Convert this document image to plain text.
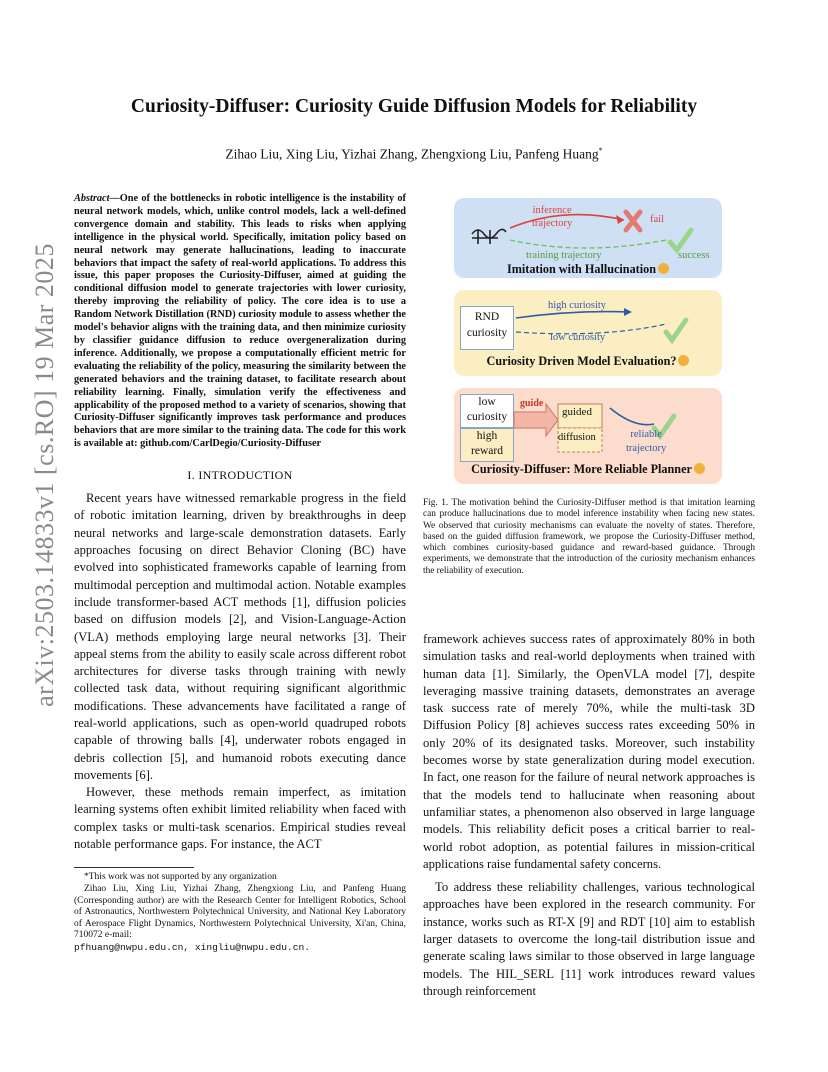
arXiv:2503.14833v1 [cs.RO] 19 Mar 2025
Curiosity-Diffuser: Curiosity Guide Diffusion Models for Reliability
Zihao Liu, Xing Liu, Yizhai Zhang, Zhengxiong Liu, Panfeng Huang*
Abstract—One of the bottlenecks in robotic intelligence is the instability of neural network models, which, unlike control models, lack a well-defined convergence domain and stability. This leads to risks when applying intelligence in the physical world. Specifically, imitation policy based on neural network may generate hallucinations, leading to inaccurate behaviors that impact the safety of real-world applications. To address this issue, this paper proposes the Curiosity-Diffuser, aimed at guiding the conditional diffusion model to generate trajectories with lower curiosity, thereby improving the reliability of policy. The core idea is to use a Random Network Distillation (RND) curiosity module to assess whether the model's behavior aligns with the training data, and then minimize curiosity by classifier guidance diffusion to reduce overgeneralization during inference. Additionally, we propose a computationally efficient metric for evaluating the reliability of the policy, measuring the similarity between the generated behaviors and the training dataset, to facilitate research about reliability learning. Finally, simulation verify the effectiveness and applicability of the proposed method to a variety of scenarios, showing that Curiosity-Diffuser significantly improves task performance and produces behaviors that are more similar to the training data. The code for this work is available at: github.com/CarlDegio/Curiosity-Diffuser
I. INTRODUCTION

Recent years have witnessed remarkable progress in the field of robotic imitation learning, driven by breakthroughs in deep neural networks and large-scale demonstration datasets. Early approaches focusing on direct Behavior Cloning (BC) have evolved into sophisticated frameworks capable of learning from multimodal perception and multimodal action. Notable examples include transformer-based ACT methods [1], diffusion policies based on diffusion models [2], and Vision-Language-Action (VLA) methods employing large neural networks [3]. Their appeal stems from the ability to easily scale across different robot architectures for diverse tasks through training with newly collected task data, without requiring significant algorithmic modifications. These advancements have facilitated a range of real-world applications, such as open-world quadruped robots capable of throwing balls [4], underwater robots engaged in debris collection [5], and humanoid robots executing dance movements [6].

However, these methods remain imperfect, as imitation learning systems often exhibit limited reliability when faced with complex tasks or multi-task scenarios. Empirical studies reveal notable performance gaps. For instance, the ACT

*This work was not supported by any organization

Zihao Liu, Xing Liu, Yizhai Zhang, Zhengxiong Liu, and Panfeng Huang (Corresponding author) are with the Research Center for Intelligent Robotics, School of Astronautics, Northwestern Polytechnical University, and National Key Laboratory of Aerospace Flight Dynamics, Northwestern Polytechnical University, Xi'an, China, 710072 e-mail:

pfhuang@nwpu.edu.cn, xingliu@nwpu.edu.cn.
inference
trajectory	fail
training trajectory	success
Imitation with Hallucination
RND
curiosity
high curiosity
low curiosity
Curiosity Driven Model Evaluation?
low
curiosity
high
reward
guide
guided
diffusion	reliable
trajectory
Curiosity-Diffuser: More Reliable Planner
Fig. 1. The motivation behind the Curiosity-Diffuser method is that imitation learning can produce hallucinations due to model inference instability when facing new states. We observed that curiosity mechanisms can evaluate the novelty of states. Therefore, based on the guided diffusion framework, we propose the Curiosity-Diffuser method, which combines curiosity-based guidance and reward-based guidance. Through experiments, we demonstrate that the introduction of the curiosity mechanism enhances the reliability of execution.

framework achieves success rates of approximately 80% in both simulation tasks and real-world deployments when trained with human data [1]. Similarly, the OpenVLA model [7], despite leveraging massive training datasets, demonstrates an average task success rate of merely 70%, while the multi-task 3D Diffusion Policy [8] achieves success rates exceeding 50% in only 20% of its designated tasks. Moreover, such instability becomes worse by state generalization during model execution. In fact, one reason for the failure of neural network approaches is that the models tend to hallucinate when reasoning about unfamiliar states, a phenomenon also observed in large language models. This reliability deficit poses a critical barrier to real-world robot adoption, as potential failures in mission-critical applications raise fundamental safety concerns.

To address these reliability challenges, various technological approaches have been explored in the research community. For instance, works such as RT-X [9] and RDT [10] aim to establish larger datasets to overcome the long-tail distribution issue and generate scaling laws similar to those observed in large language models. The HIL_SERL [11] work introduces reward values through reinforcement
